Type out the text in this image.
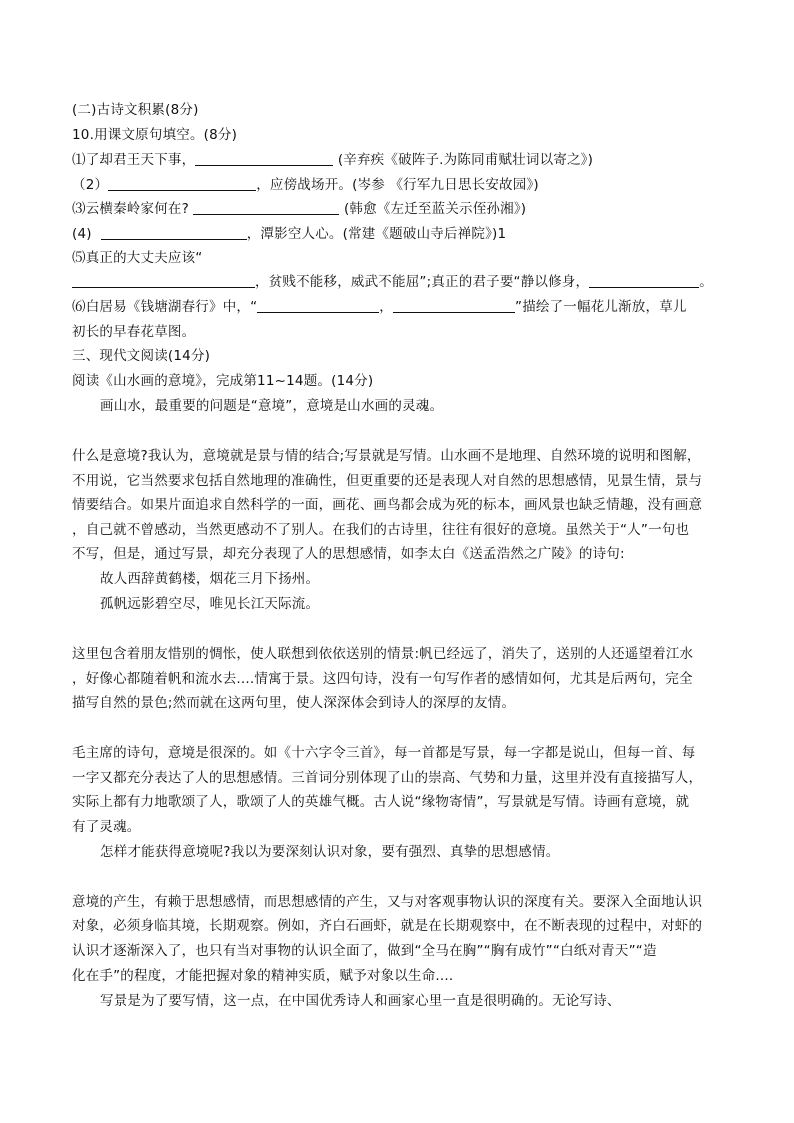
(二)古诗文积累(8分)
10.用课文原句填空。(8分)
⑴了却君王天下事，	(辛弃疾《破阵子.为陈同甫赋壮词以寄之》)
（2）	，应傍战场开。(岑参 《行军九日思长安故园》)
⑶云横秦岭家何在?	(韩愈《左迁至蓝关示侄孙湘》)
(4)	，潭影空人心。(常建《题破山寺后禅院》)1
⑸真正的大丈夫应该“
，贫贱不能移，威武不能屈”;真正的君子要“静以修身，	。
⑹白居易《钱塘湖春行》中，“	，	”描绘了一幅花儿渐放，草儿
初长的早春花草图。
三、现代文阅读(14分)
阅读《山水画的意境》，完成第11~14题。(14分)
画山水，最重要的问题是“意境”，意境是山水画的灵魂。
什么是意境?我认为，意境就是景与情的结合;写景就是写情。山水画不是地理、自然环境的说明和图解，
不用说，它当然要求包括自然地理的准确性，但更重要的还是表现人对自然的思想感情，见景生情，景与
情要结合。如果片面追求自然科学的一面，画花、画鸟都会成为死的标本，画风景也缺乏情趣，没有画意
，自己就不曾感动，当然更感动不了别人。在我们的古诗里，往往有很好的意境。虽然关于“人”一句也
不写，但是，通过写景，却充分表现了人的思想感情，如李太白《送孟浩然之广陵》的诗句:
故人西辞黄鹤楼，烟花三月下扬州。
孤帆远影碧空尽，唯见长江天际流。
这里包含着朋友惜别的惆怅，使人联想到依依送别的情景:帆已经远了，消失了，送别的人还遥望着江水
，好像心都随着帆和流水去....情寓于景。这四句诗，没有一句写作者的感情如何，尤其是后两句，完全
描写自然的景色;然而就在这两句里，使人深深体会到诗人的深厚的友情。
毛主席的诗句，意境是很深的。如《十六字令三首》，每一首都是写景，每一字都是说山，但每一首、每
一字又都充分表达了人的思想感情。三首词分别体现了山的崇高、气势和力量，这里并没有直接描写人，
实际上都有力地歌颂了人，歌颂了人的英雄气概。古人说“缘物寄情”，写景就是写情。诗画有意境，就
有了灵魂。
怎样才能获得意境呢?我以为要深刻认识对象，要有强烈、真挚的思想感情。
意境的产生，有赖于思想感情，而思想感情的产生，又与对客观事物认识的深度有关。要深入全面地认识
对象，必须身临其境，长期观察。例如，齐白石画虾，就是在长期观察中，在不断表现的过程中，对虾的
认识才逐渐深入了，也只有当对事物的认识全面了，做到“全马在胸”“胸有成竹”“白纸对青天”“造
化在手”的程度，才能把握对象的精神实质，赋予对象以生命....
写景是为了要写情，这一点，在中国优秀诗人和画家心里一直是很明确的。无论写诗、
